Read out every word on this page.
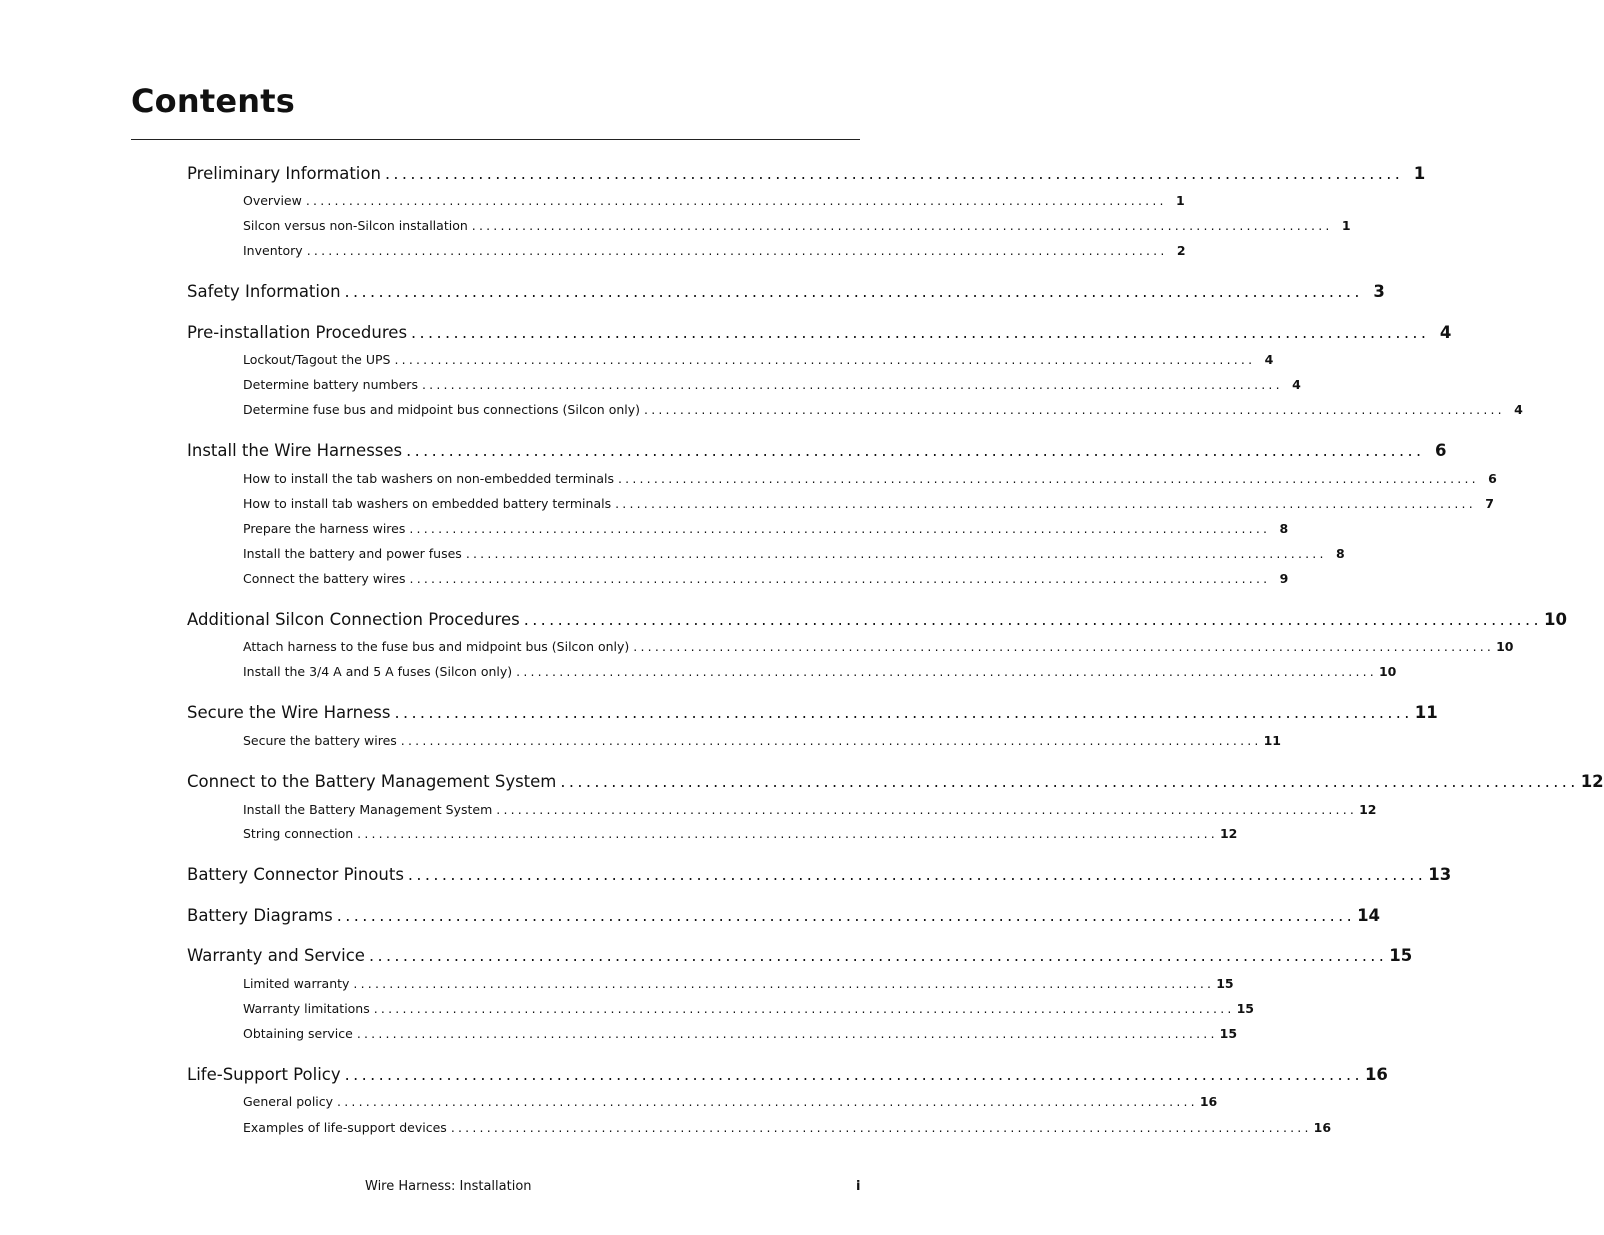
Contents
Preliminary Information ........................................................................................................................ 1
Overview ........................................................................................................................ 1
Silcon versus non-Silcon installation ........................................................................................................................ 1
Inventory ........................................................................................................................ 2
Safety Information ........................................................................................................................ 3
Pre-installation Procedures ........................................................................................................................ 4
Lockout/Tagout the UPS ........................................................................................................................ 4
Determine battery numbers ........................................................................................................................ 4
Determine fuse bus and midpoint bus connections (Silcon only) ........................................................................................................................ 4
Install the Wire Harnesses ........................................................................................................................ 6
How to install the tab washers on non-embedded terminals ........................................................................................................................ 6
How to install tab washers on embedded battery terminals ........................................................................................................................ 7
Prepare the harness wires ........................................................................................................................ 8
Install the battery and power fuses ........................................................................................................................ 8
Connect the battery wires ........................................................................................................................ 9
Additional Silcon Connection Procedures ........................................................................................................................ 10
Attach harness to the fuse bus and midpoint bus (Silcon only) ........................................................................................................................ 10
Install the 3/4 A and 5 A fuses (Silcon only) ........................................................................................................................ 10
Secure the Wire Harness ........................................................................................................................ 11
Secure the battery wires ........................................................................................................................ 11
Connect to the Battery Management System ........................................................................................................................ 12
Install the Battery Management System ........................................................................................................................ 12
String connection ........................................................................................................................ 12
Battery Connector Pinouts ........................................................................................................................ 13
Battery Diagrams ........................................................................................................................ 14
Warranty and Service ........................................................................................................................ 15
Limited warranty ........................................................................................................................ 15
Warranty limitations ........................................................................................................................ 15
Obtaining service ........................................................................................................................ 15
Life-Support Policy ........................................................................................................................ 16
General policy ........................................................................................................................ 16
Examples of life-support devices ........................................................................................................................ 16
Wire Harness: Installation	i
